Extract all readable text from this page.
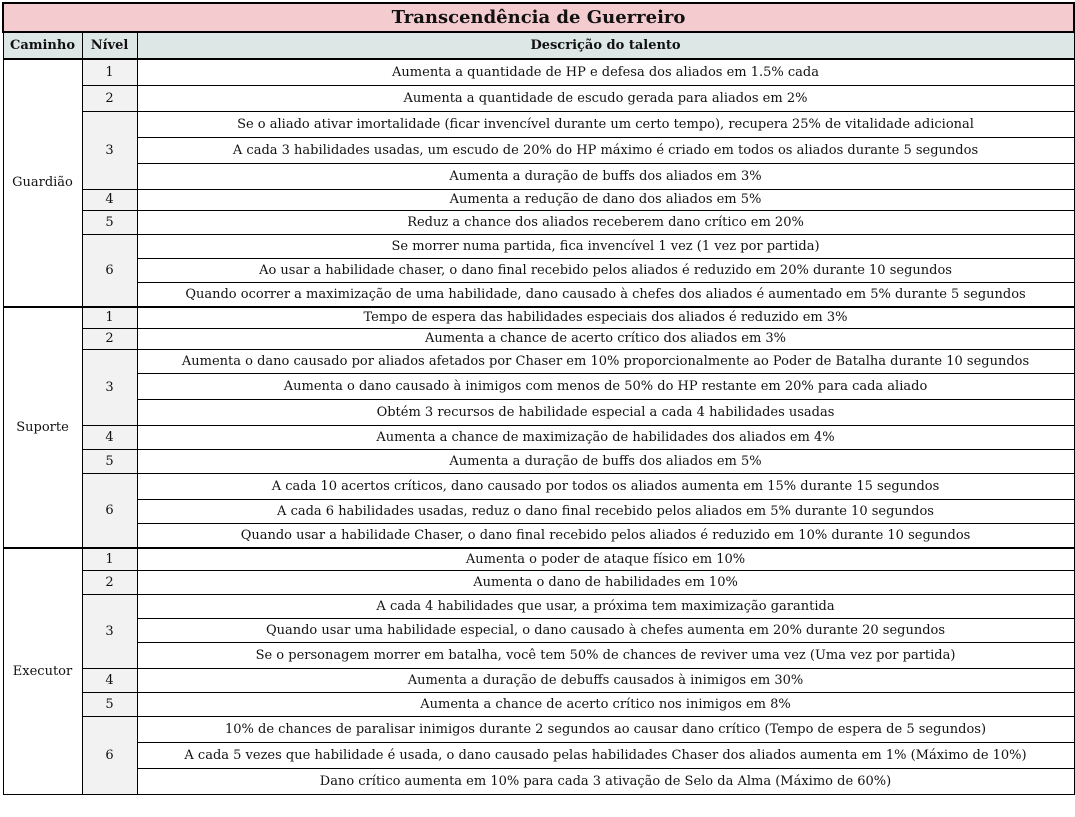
Transcendência de Guerreiro		
Caminho	Nível	Descrição do talento
Guardião	1	Aumenta a quantidade de HP e defesa dos aliados em 1.5% cada
	2	Aumenta a quantidade de escudo gerada para aliados em 2%
	3	Se o aliado ativar imortalidade (ficar invencível durante um certo tempo), recupera 25% de vitalidade adicional
		A cada 3 habilidades usadas, um escudo de 20% do HP máximo é criado em todos os aliados durante 5 segundos
		Aumenta a duração de buffs dos aliados em 3%
	4	Aumenta a redução de dano dos aliados em 5%
	5	Reduz a chance dos aliados receberem dano crítico em 20%
	6	Se morrer numa partida, fica invencível 1 vez (1 vez por partida)
		Ao usar a habilidade chaser, o dano final recebido pelos aliados é reduzido em 20% durante 10 segundos
		Quando ocorrer a maximização de uma habilidade, dano causado à chefes dos aliados é aumentado em 5% durante 5 segundos
Suporte	1	Tempo de espera das habilidades especiais dos aliados é reduzido em 3%
	2	Aumenta a chance de acerto crítico dos aliados em 3%
	3	Aumenta o dano causado por aliados afetados por Chaser em 10% proporcionalmente ao Poder de Batalha durante 10 segundos
		Aumenta o dano causado à inimigos com menos de 50% do HP restante em 20% para cada aliado
		Obtém 3 recursos de habilidade especial a cada 4 habilidades usadas
	4	Aumenta a chance de maximização de habilidades dos aliados em 4%
	5	Aumenta a duração de buffs dos aliados em 5%
	6	A cada 10 acertos críticos, dano causado por todos os aliados aumenta em 15% durante 15 segundos
		A cada 6 habilidades usadas, reduz o dano final recebido pelos aliados em 5% durante 10 segundos
		Quando usar a habilidade Chaser, o dano final recebido pelos aliados é reduzido em 10% durante 10 segundos
Executor	1	Aumenta o poder de ataque físico em 10%
	2	Aumenta o dano de habilidades em 10%
	3	A cada 4 habilidades que usar, a próxima tem maximização garantida
		Quando usar uma habilidade especial, o dano causado à chefes aumenta em 20% durante 20 segundos
		Se o personagem morrer em batalha, você tem 50% de chances de reviver uma vez (Uma vez por partida)
	4	Aumenta a duração de debuffs causados à inimigos em 30%
	5	Aumenta a chance de acerto crítico nos inimigos em 8%
	6	10% de chances de paralisar inimigos durante 2 segundos ao causar dano crítico (Tempo de espera de 5 segundos)
		A cada 5 vezes que habilidade é usada, o dano causado pelas habilidades Chaser dos aliados aumenta em 1% (Máximo de 10%)
		Dano crítico aumenta em 10% para cada 3 ativação de Selo da Alma (Máximo de 60%)
